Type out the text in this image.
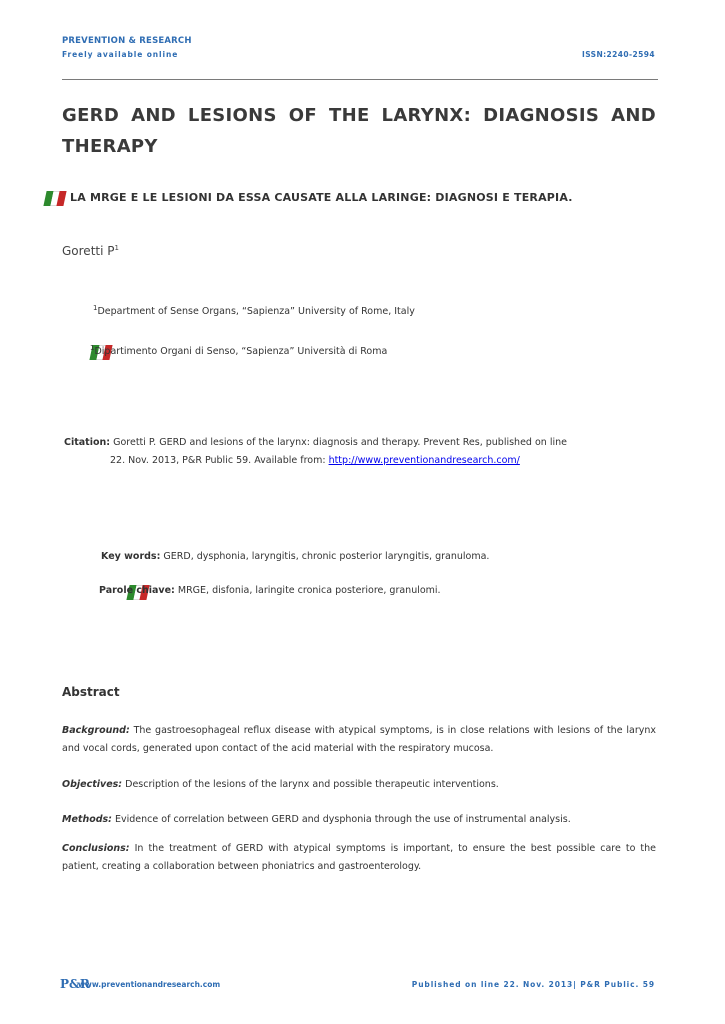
PREVENTION & RESEARCH
Freely available online	ISSN:2240-2594
GERD AND LESIONS OF THE LARYNX: DIAGNOSIS AND THERAPY

LA MRGE E LE LESIONI DA ESSA CAUSATE ALLA LARINGE: DIAGNOSI E TERAPIA.
Goretti $P^1$
$^1$Department of Sense Organs, “Sapienza” University of Rome, Italy

$^1$Dipartimento Organi di Senso, “Sapienza” Università di Roma
Citation: Goretti P. GERD and lesions of the larynx: diagnosis and therapy. Prevent Res, published on line
22. Nov. 2013, P&R Public 59. Available from: http://www.preventionandresearch.com/
Key words: GERD, dysphonia, laryngitis, chronic posterior laryngitis, granuloma.
Parole chiave: MRGE, disfonia, laringite cronica posteriore, granulomi.
Abstract
Background: The gastroesophageal reflux disease with atypical symptoms, is in close relations with lesions of the larynx and vocal cords, generated upon contact of the acid material with the respiratory mucosa.
Objectives: Description of the lesions of the larynx and possible therapeutic interventions.
Methods: Evidence of correlation between GERD and dysphonia through the use of instrumental analysis.
Conclusions: In the treatment of GERD with atypical symptoms is important, to ensure the best possible care to the patient, creating a collaboration between phoniatrics and gastroenterology.
P&R
www.preventionandresearch.com	Published on line 22. Nov. 2013| P&R Public. 59
